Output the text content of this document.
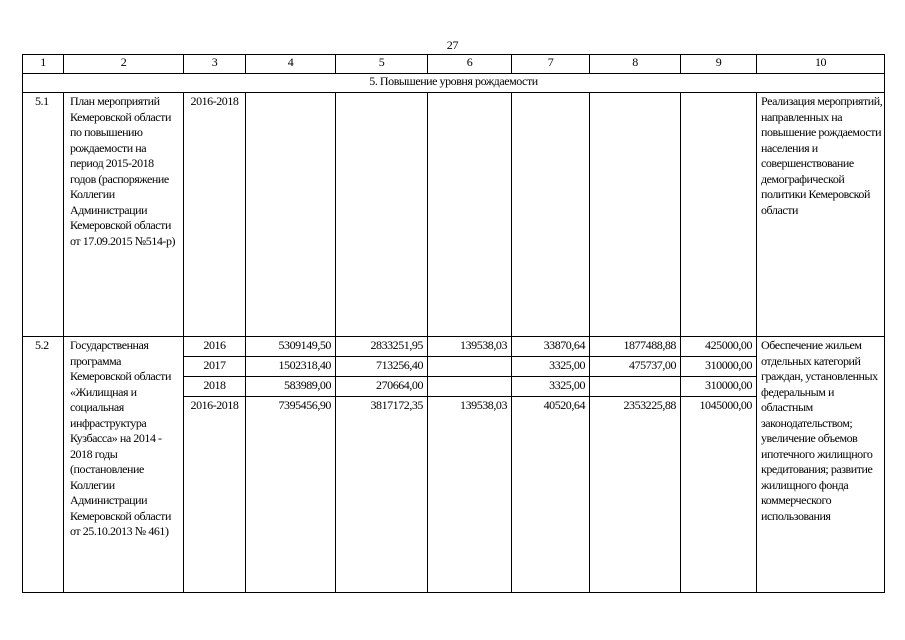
27
1	2	3	4	5	6	7	8	9	10
5. Повышение уровня рождаемости									
5.1	План мероприятий Кемеровской области по повышению рождаемости на период 2015-2018 годов (распоряжение Коллегии Администрации Кемеровской области от 17.09.2015 №514-р)	2016-2018							Реализация мероприятий, направленных на повышение рождаемости населения и совершенствование демографической политики Кемеровской области
5.2	Государственная программа Кемеровской области «Жилищная и социальная инфраструктура Кузбасса» на 2014 - 2018 годы (постановление Коллегии Администрации Кемеровской области от 25.10.2013 № 461)	2016	5309149,50	2833251,95	139538,03	33870,64	1877488,88	425000,00	Обеспечение жильем отдельных категорий граждан, установленных федеральным и областным законодательством; увеличение объемов ипотечного жилищного кредитования; развитие жилищного фонда коммерческого использования
		2017	1502318,40	713256,40		3325,00	475737,00	310000,00	
		2018	583989,00	270664,00		3325,00		310000,00	
		2016-2018	7395456,90	3817172,35	139538,03	40520,64	2353225,88	1045000,00	
